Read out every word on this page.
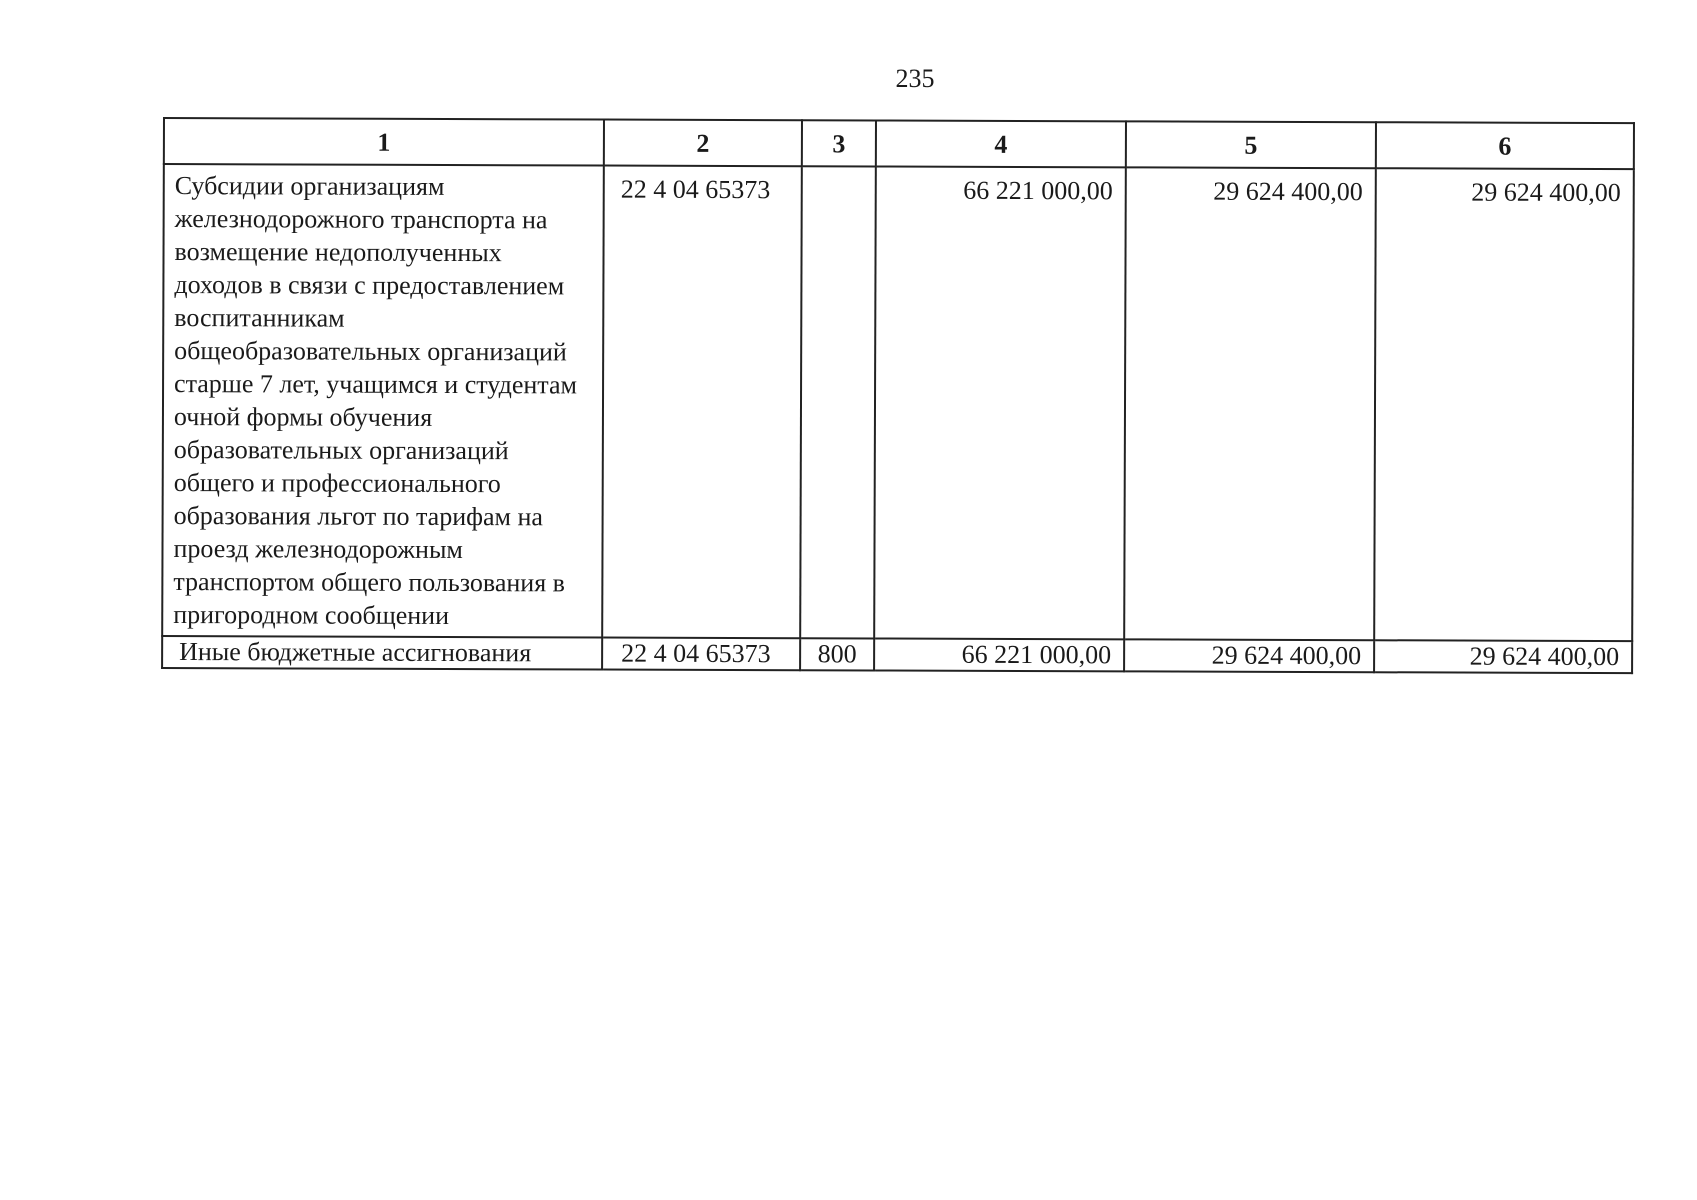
235
1	2	3	4	5	6
Субсидии организациям железнодорожного транспорта на возмещение недополученных доходов в связи с предоставлением воспитанникам общеобразовательных организаций старше 7 лет, учащимся и студентам очной формы обучения образовательных организаций общего и профессионального образования льгот по тарифам на проезд железнодорожным транспортом общего пользования в пригородном сообщении	22 4 04 65373		66 221 000,00	29 624 400,00	29 624 400,00
Иные бюджетные ассигнования	22 4 04 65373	800	66 221 000,00	29 624 400,00	29 624 400,00
